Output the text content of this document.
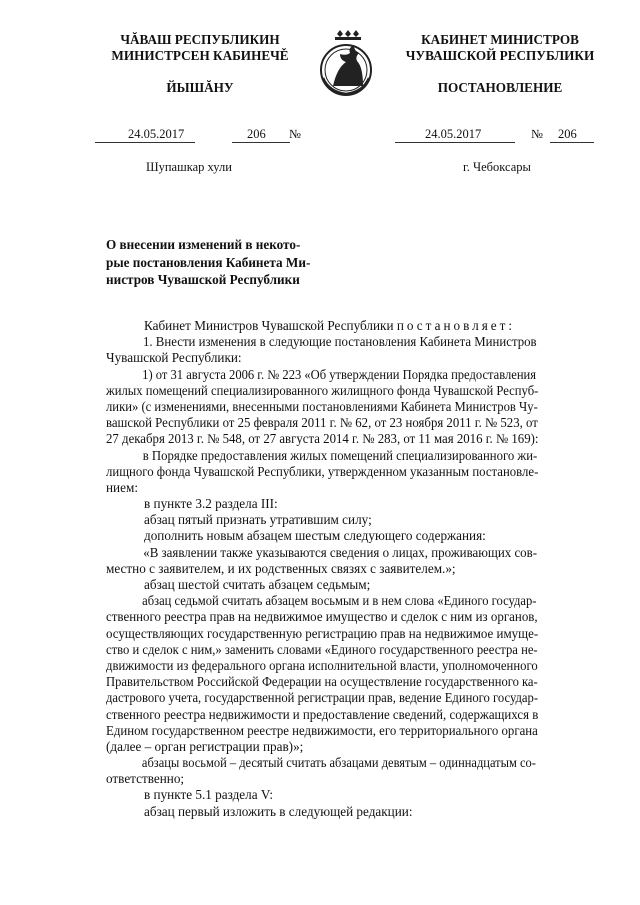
ЧĂВАШ РЕСПУБЛИКИН
МИНИСТРСЕН КАБИНЕЧĚ
ЙЫШĂНУ
КАБИНЕТ МИНИСТРОВ
ЧУВАШСКОЙ РЕСПУБЛИКИ
ПОСТАНОВЛЕНИЕ
24.05.2017	206 №	24.05.2017	№ 206
Шупашкар хули	г. Чебоксары
О внесении изменений в некото-
рые постановления Кабинета Ми-
нистров Чувашской Республики
Кабинет Министров Чувашской Республики постановляет:
1. Внести изменения в следующие постановления Кабинета Министров
Чувашской Республики:
1) от 31 августа 2006 г. № 223 «Об утверждении Порядка предоставления
жилых помещений специализированного жилищного фонда Чувашской Респуб-
лики» (с изменениями, внесенными постановлениями Кабинета Министров Чу-
вашской Республики от 25 февраля 2011 г. № 62, от 23 ноября 2011 г. № 523, от
27 декабря 2013 г. № 548, от 27 августа 2014 г. № 283, от 11 мая 2016 г. № 169):
в Порядке предоставления жилых помещений специализированного жи-
лищного фонда Чувашской Республики, утвержденном указанным постановле-
нием:
в пункте 3.2 раздела III:
абзац пятый признать утратившим силу;
дополнить новым абзацем шестым следующего содержания:
«В заявлении также указываются сведения о лицах, проживающих сов-
местно с заявителем, и их родственных связях с заявителем.»;
абзац шестой считать абзацем седьмым;
абзац седьмой считать абзацем восьмым и в нем слова «Единого государ-
ственного реестра прав на недвижимое имущество и сделок с ним из органов,
осуществляющих государственную регистрацию прав на недвижимое имуще-
ство и сделок с ним,» заменить словами «Единого государственного реестра не-
движимости из федерального органа исполнительной власти, уполномоченного
Правительством Российской Федерации на осуществление государственного ка-
дастрового учета, государственной регистрации прав, ведение Единого государ-
ственного реестра недвижимости и предоставление сведений, содержащихся в
Едином государственном реестре недвижимости, его территориального органа
(далее – орган регистрации прав)»;
абзацы восьмой – десятый считать абзацами девятым – одиннадцатым со-
ответственно;
в пункте 5.1 раздела V:
абзац первый изложить в следующей редакции:
